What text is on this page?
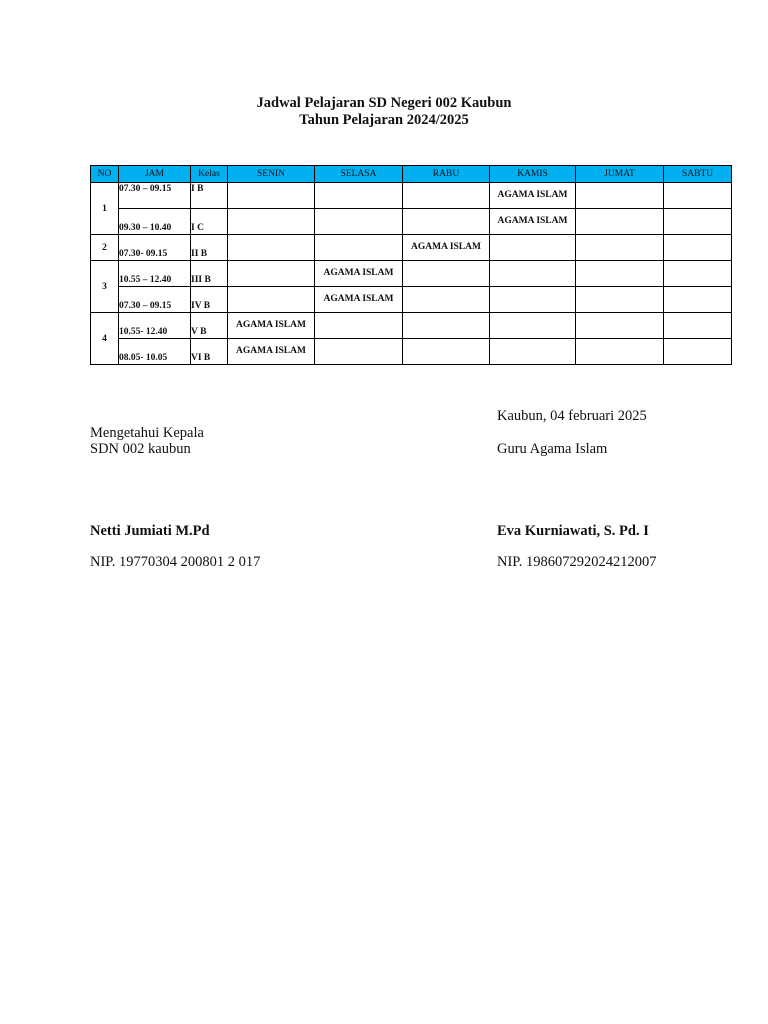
Jadwal Pelajaran SD Negeri 002 Kaubun
Tahun Pelajaran 2024/2025
NO	JAM	Kelas	SENIN	SELASA	RABU	KAMIS	JUMAT	SABTU
1	07.30 – 09.15	I B				AGAMA ISLAM		
	09.30 – 10.40	I C				AGAMA ISLAM		
2	07.30- 09.15	II B			AGAMA ISLAM			
3	10.55 – 12.40	III B		AGAMA ISLAM				
	07.30 – 09.15	IV B		AGAMA ISLAM				
4	10.55- 12.40	V B	AGAMA ISLAM					
	08.05- 10.05	VI B	AGAMA ISLAM					
Kaubun, 04 februari 2025
Guru Agama Islam
Eva Kurniawati, S. Pd. I
NIP. 198607292024212007
Mengetahui Kepala
SDN 002 kaubun
Netti Jumiati M.Pd
NIP. 19770304 200801 2 017
